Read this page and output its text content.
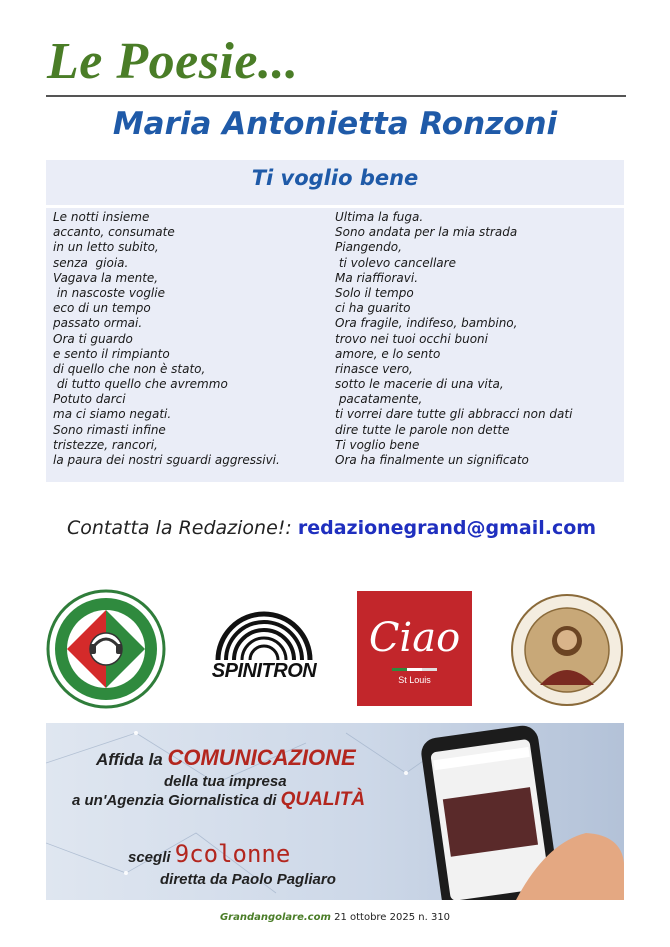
Le Poesie...
Maria Antonietta Ronzoni
Ti voglio bene
Le notti insieme
accanto, consumate
in un letto subito,
senza  gioia.
Vagava la mente,
in nascoste voglie
eco di un tempo
passato ormai.
Ora ti guardo
e sento il rimpianto
di quello che non è stato,
di tutto quello che avremmo
Potuto darci
ma ci siamo negati.
Sono rimasti infine
tristezze, rancori,
la paura dei nostri sguardi aggressivi.
Ultima la fuga.
Sono andata per la mia strada
Piangendo,
ti volevo cancellare
Ma riaffioravi.
Solo il tempo
ci ha guarito
Ora fragile, indifeso, bambino,
trovo nei tuoi occhi buoni
amore, e lo sento
rinasce vero,
sotto le macerie di una vita,
pacatamente,
ti vorrei dare tutte gli abbracci non dati
dire tutte le parole non dette
Ti voglio bene
Ora ha finalmente un significato
Contatta la Redazione!: redazionegrand@gmail.com
SPINITRON
Ciao
St Louis
Affida la COMUNICAZIONE
della tua impresa
a un'Agenzia Giornalistica di QUALITÀ
scegli 9colonne
diretta da Paolo Pagliaro
Grandangolare.com 21 ottobre 2025 n. 310
